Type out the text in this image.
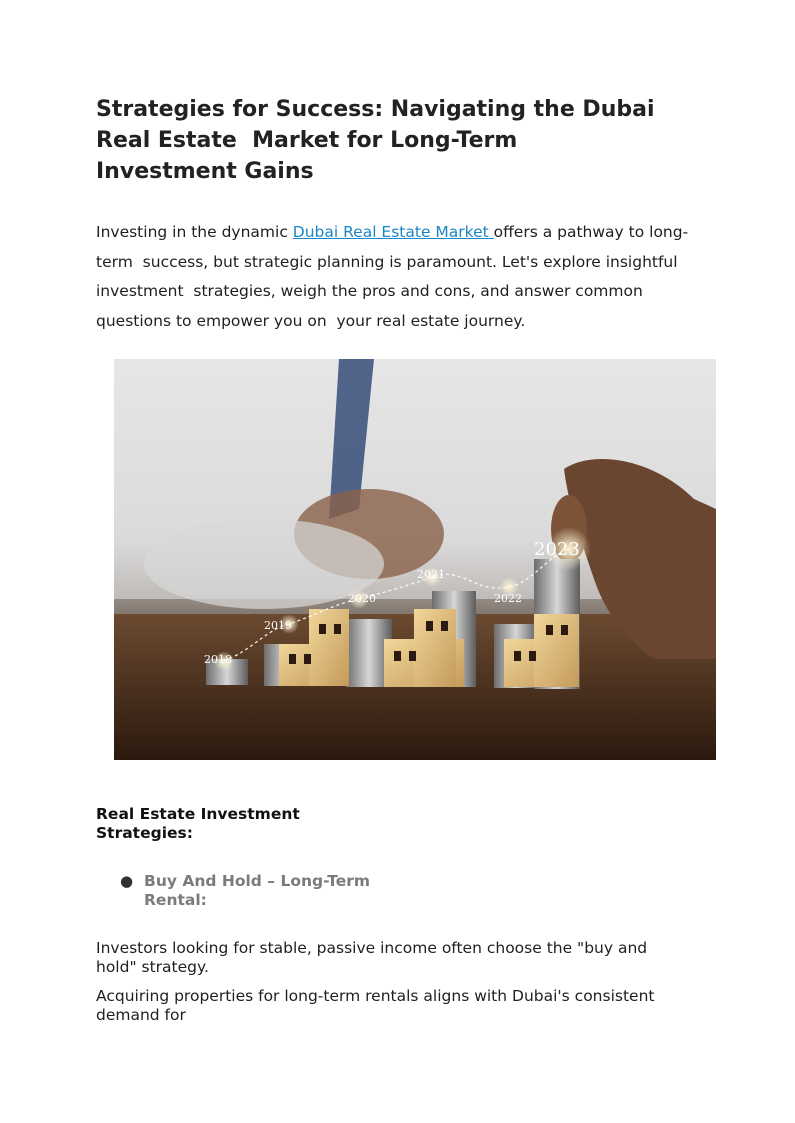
Strategies for Success: Navigating the Dubai
Real Estate  Market for Long-Term
Investment Gains

Investing in the dynamic Dubai Real Estate Market offers a pathway to long-
term  success, but strategic planning is paramount. Let's explore insightful
investment  strategies, weigh the pros and cons, and answer common
questions to empower you on  your real estate journey.

2018
2019
2020
2021
2022
2023
Real Estate Investment
Strategies:
● Buy And Hold – Long-Term
Rental:

Investors looking for stable, passive income often choose the "buy and
hold" strategy.

Acquiring properties for long-term rentals aligns with Dubai's consistent
demand for
